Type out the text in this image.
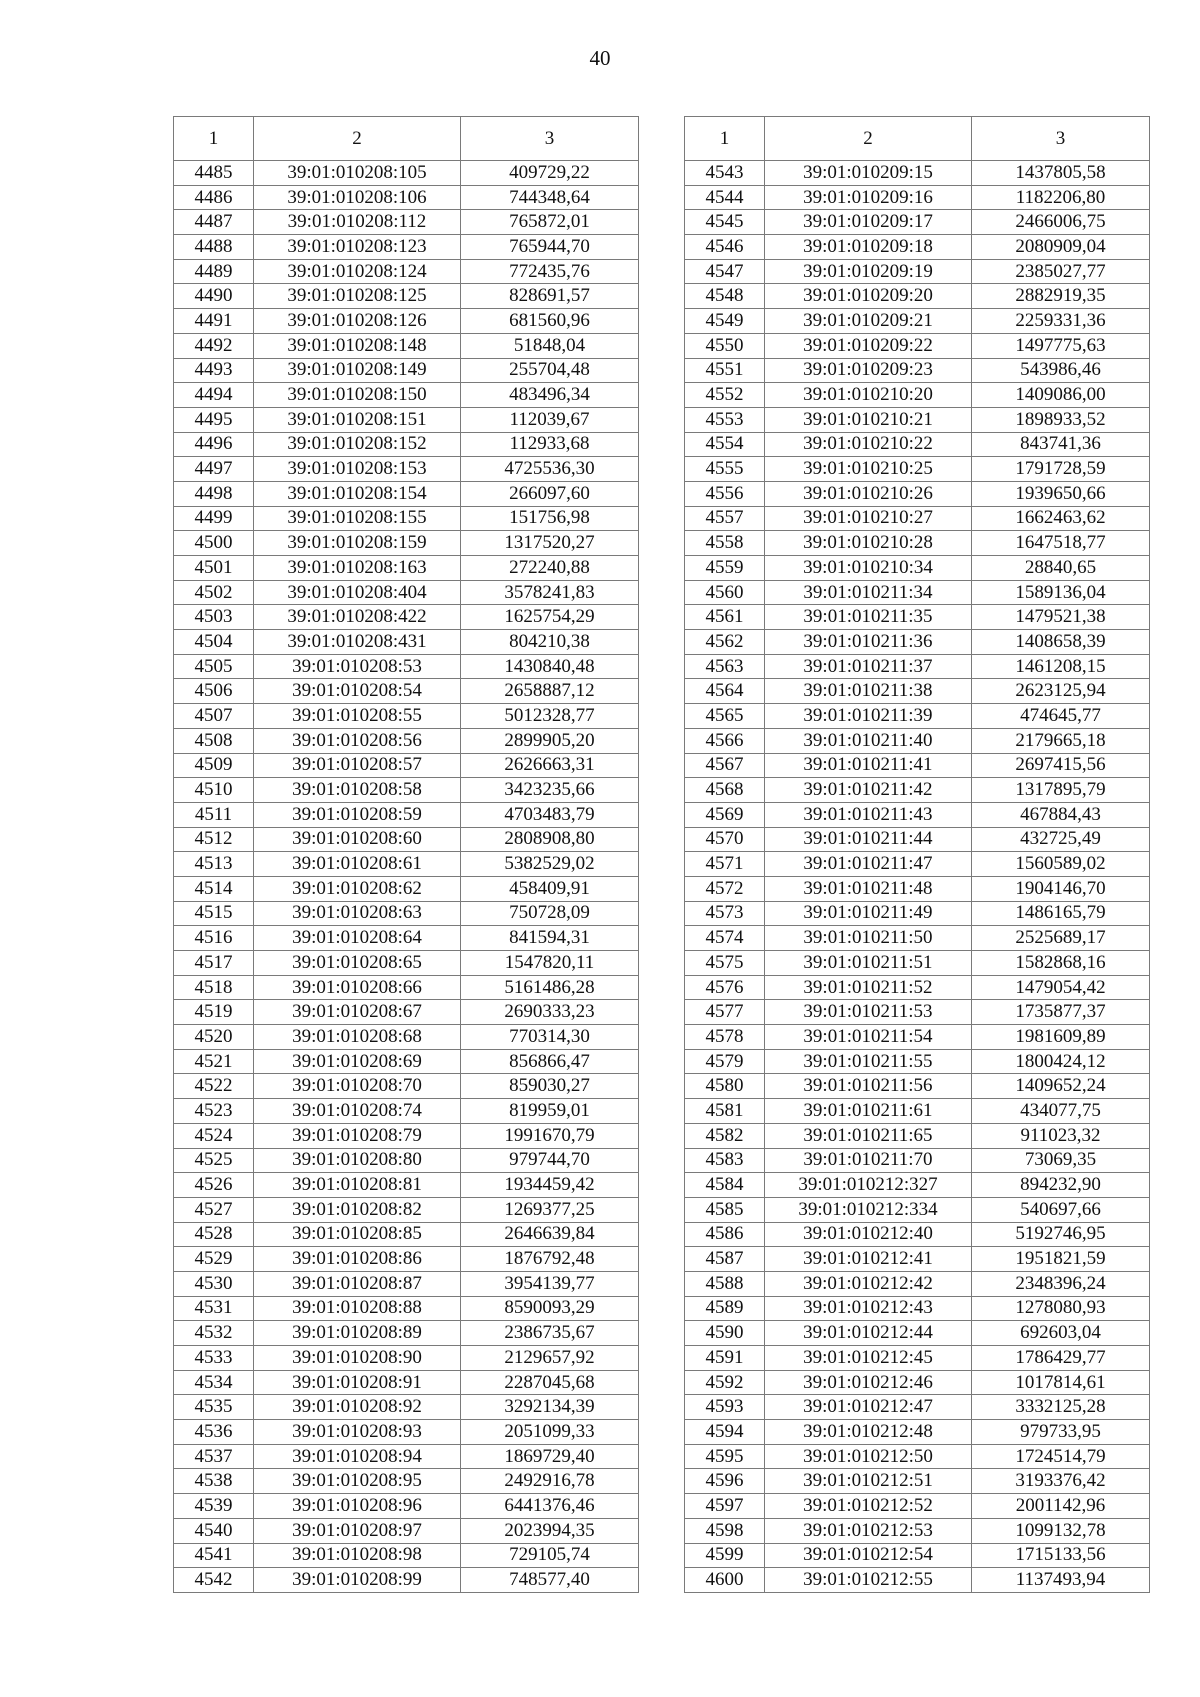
40
1	2	3
4485	39:01:010208:105	409729,22
4486	39:01:010208:106	744348,64
4487	39:01:010208:112	765872,01
4488	39:01:010208:123	765944,70
4489	39:01:010208:124	772435,76
4490	39:01:010208:125	828691,57
4491	39:01:010208:126	681560,96
4492	39:01:010208:148	51848,04
4493	39:01:010208:149	255704,48
4494	39:01:010208:150	483496,34
4495	39:01:010208:151	112039,67
4496	39:01:010208:152	112933,68
4497	39:01:010208:153	4725536,30
4498	39:01:010208:154	266097,60
4499	39:01:010208:155	151756,98
4500	39:01:010208:159	1317520,27
4501	39:01:010208:163	272240,88
4502	39:01:010208:404	3578241,83
4503	39:01:010208:422	1625754,29
4504	39:01:010208:431	804210,38
4505	39:01:010208:53	1430840,48
4506	39:01:010208:54	2658887,12
4507	39:01:010208:55	5012328,77
4508	39:01:010208:56	2899905,20
4509	39:01:010208:57	2626663,31
4510	39:01:010208:58	3423235,66
4511	39:01:010208:59	4703483,79
4512	39:01:010208:60	2808908,80
4513	39:01:010208:61	5382529,02
4514	39:01:010208:62	458409,91
4515	39:01:010208:63	750728,09
4516	39:01:010208:64	841594,31
4517	39:01:010208:65	1547820,11
4518	39:01:010208:66	5161486,28
4519	39:01:010208:67	2690333,23
4520	39:01:010208:68	770314,30
4521	39:01:010208:69	856866,47
4522	39:01:010208:70	859030,27
4523	39:01:010208:74	819959,01
4524	39:01:010208:79	1991670,79
4525	39:01:010208:80	979744,70
4526	39:01:010208:81	1934459,42
4527	39:01:010208:82	1269377,25
4528	39:01:010208:85	2646639,84
4529	39:01:010208:86	1876792,48
4530	39:01:010208:87	3954139,77
4531	39:01:010208:88	8590093,29
4532	39:01:010208:89	2386735,67
4533	39:01:010208:90	2129657,92
4534	39:01:010208:91	2287045,68
4535	39:01:010208:92	3292134,39
4536	39:01:010208:93	2051099,33
4537	39:01:010208:94	1869729,40
4538	39:01:010208:95	2492916,78
4539	39:01:010208:96	6441376,46
4540	39:01:010208:97	2023994,35
4541	39:01:010208:98	729105,74
4542	39:01:010208:99	748577,40
1	2	3
4543	39:01:010209:15	1437805,58
4544	39:01:010209:16	1182206,80
4545	39:01:010209:17	2466006,75
4546	39:01:010209:18	2080909,04
4547	39:01:010209:19	2385027,77
4548	39:01:010209:20	2882919,35
4549	39:01:010209:21	2259331,36
4550	39:01:010209:22	1497775,63
4551	39:01:010209:23	543986,46
4552	39:01:010210:20	1409086,00
4553	39:01:010210:21	1898933,52
4554	39:01:010210:22	843741,36
4555	39:01:010210:25	1791728,59
4556	39:01:010210:26	1939650,66
4557	39:01:010210:27	1662463,62
4558	39:01:010210:28	1647518,77
4559	39:01:010210:34	28840,65
4560	39:01:010211:34	1589136,04
4561	39:01:010211:35	1479521,38
4562	39:01:010211:36	1408658,39
4563	39:01:010211:37	1461208,15
4564	39:01:010211:38	2623125,94
4565	39:01:010211:39	474645,77
4566	39:01:010211:40	2179665,18
4567	39:01:010211:41	2697415,56
4568	39:01:010211:42	1317895,79
4569	39:01:010211:43	467884,43
4570	39:01:010211:44	432725,49
4571	39:01:010211:47	1560589,02
4572	39:01:010211:48	1904146,70
4573	39:01:010211:49	1486165,79
4574	39:01:010211:50	2525689,17
4575	39:01:010211:51	1582868,16
4576	39:01:010211:52	1479054,42
4577	39:01:010211:53	1735877,37
4578	39:01:010211:54	1981609,89
4579	39:01:010211:55	1800424,12
4580	39:01:010211:56	1409652,24
4581	39:01:010211:61	434077,75
4582	39:01:010211:65	911023,32
4583	39:01:010211:70	73069,35
4584	39:01:010212:327	894232,90
4585	39:01:010212:334	540697,66
4586	39:01:010212:40	5192746,95
4587	39:01:010212:41	1951821,59
4588	39:01:010212:42	2348396,24
4589	39:01:010212:43	1278080,93
4590	39:01:010212:44	692603,04
4591	39:01:010212:45	1786429,77
4592	39:01:010212:46	1017814,61
4593	39:01:010212:47	3332125,28
4594	39:01:010212:48	979733,95
4595	39:01:010212:50	1724514,79
4596	39:01:010212:51	3193376,42
4597	39:01:010212:52	2001142,96
4598	39:01:010212:53	1099132,78
4599	39:01:010212:54	1715133,56
4600	39:01:010212:55	1137493,94
